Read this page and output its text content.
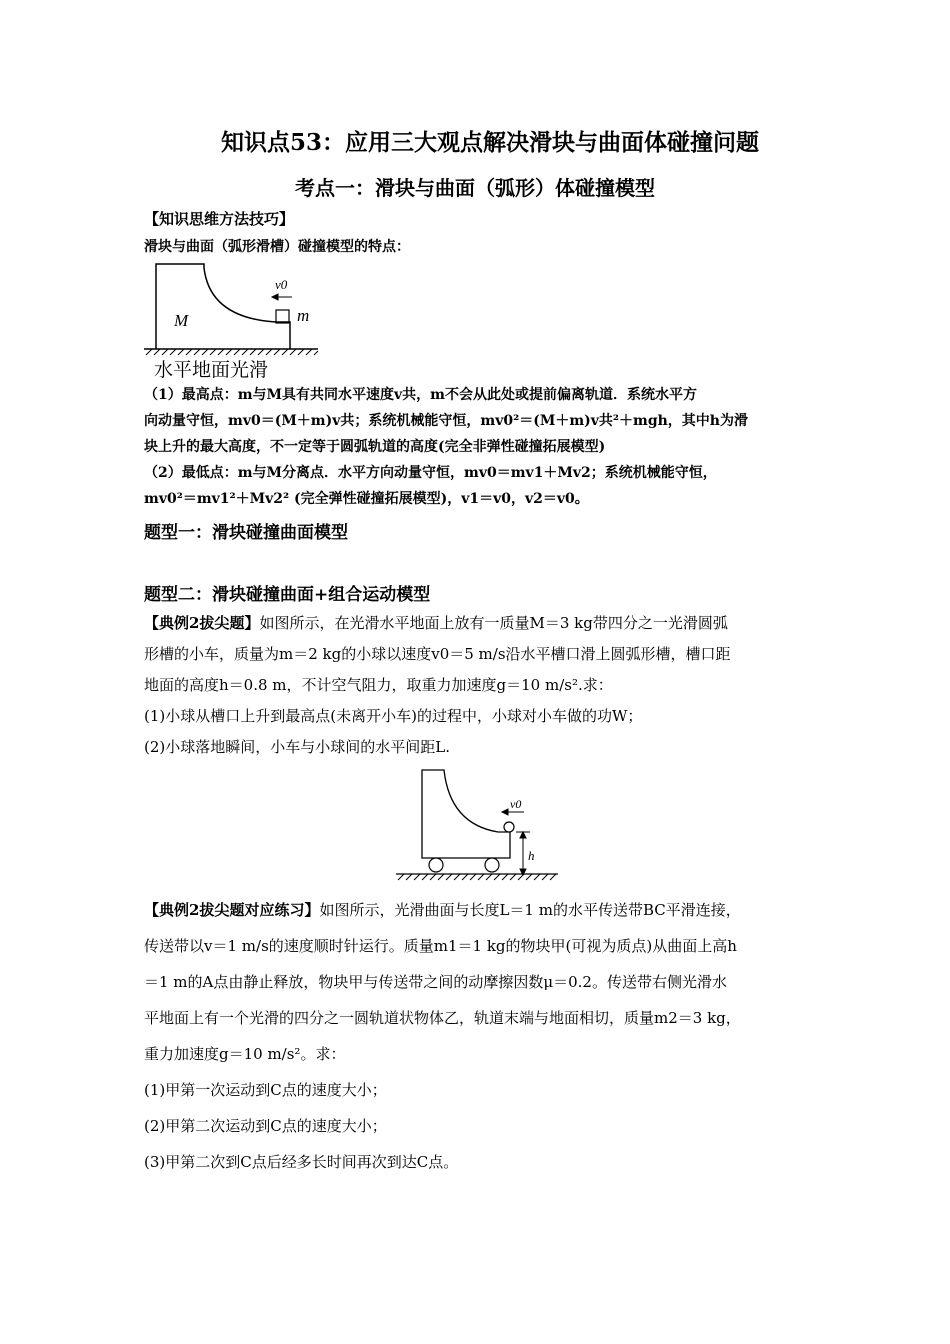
知识点53：应用三大观点解决滑块与曲面体碰撞问题
考点一：滑块与曲面（弧形）体碰撞模型
【知识思维方法技巧】
滑块与曲面（弧形滑槽）碰撞模型的特点：
M	m
v0
水平地面光滑
（1）最高点：m与M具有共同水平速度v共，m不会从此处或提前偏离轨道．系统水平方
向动量守恒，mv0＝(M＋m)v共；系统机械能守恒，mv0²＝(M＋m)v共²＋mgh，其中h为滑
块上升的最大高度，不一定等于圆弧轨道的高度(完全非弹性碰撞拓展模型)
（2）最低点：m与M分离点．水平方向动量守恒，mv0＝mv1＋Mv2；系统机械能守恒，
mv0²＝mv1²＋Mv2² (完全弹性碰撞拓展模型)，v1＝v0，v2＝v0。
题型一：滑块碰撞曲面模型
题型二：滑块碰撞曲面+组合运动模型
【典例2拔尖题】如图所示，在光滑水平地面上放有一质量M＝3 kg带四分之一光滑圆弧
形槽的小车，质量为m＝2 kg的小球以速度v0＝5 m/s沿水平槽口滑上圆弧形槽，槽口距
地面的高度h＝0.8 m，不计空气阻力，取重力加速度g＝10 m/s².求：
(1)小球从槽口上升到最高点(未离开小车)的过程中，小球对小车做的功W；
(2)小球落地瞬间，小车与小球间的水平间距L.
v0
h
【典例2拔尖题对应练习】如图所示，光滑曲面与长度L＝1 m的水平传送带BC平滑连接，
传送带以v＝1 m/s的速度顺时针运行。质量m1＝1 kg的物块甲(可视为质点)从曲面上高h
＝1 m的A点由静止释放，物块甲与传送带之间的动摩擦因数μ＝0.2。传送带右侧光滑水
平地面上有一个光滑的四分之一圆轨道状物体乙，轨道末端与地面相切，质量m2＝3 kg，
重力加速度g＝10 m/s²。求：
(1)甲第一次运动到C点的速度大小；
(2)甲第二次运动到C点的速度大小；
(3)甲第二次到C点后经多长时间再次到达C点。
